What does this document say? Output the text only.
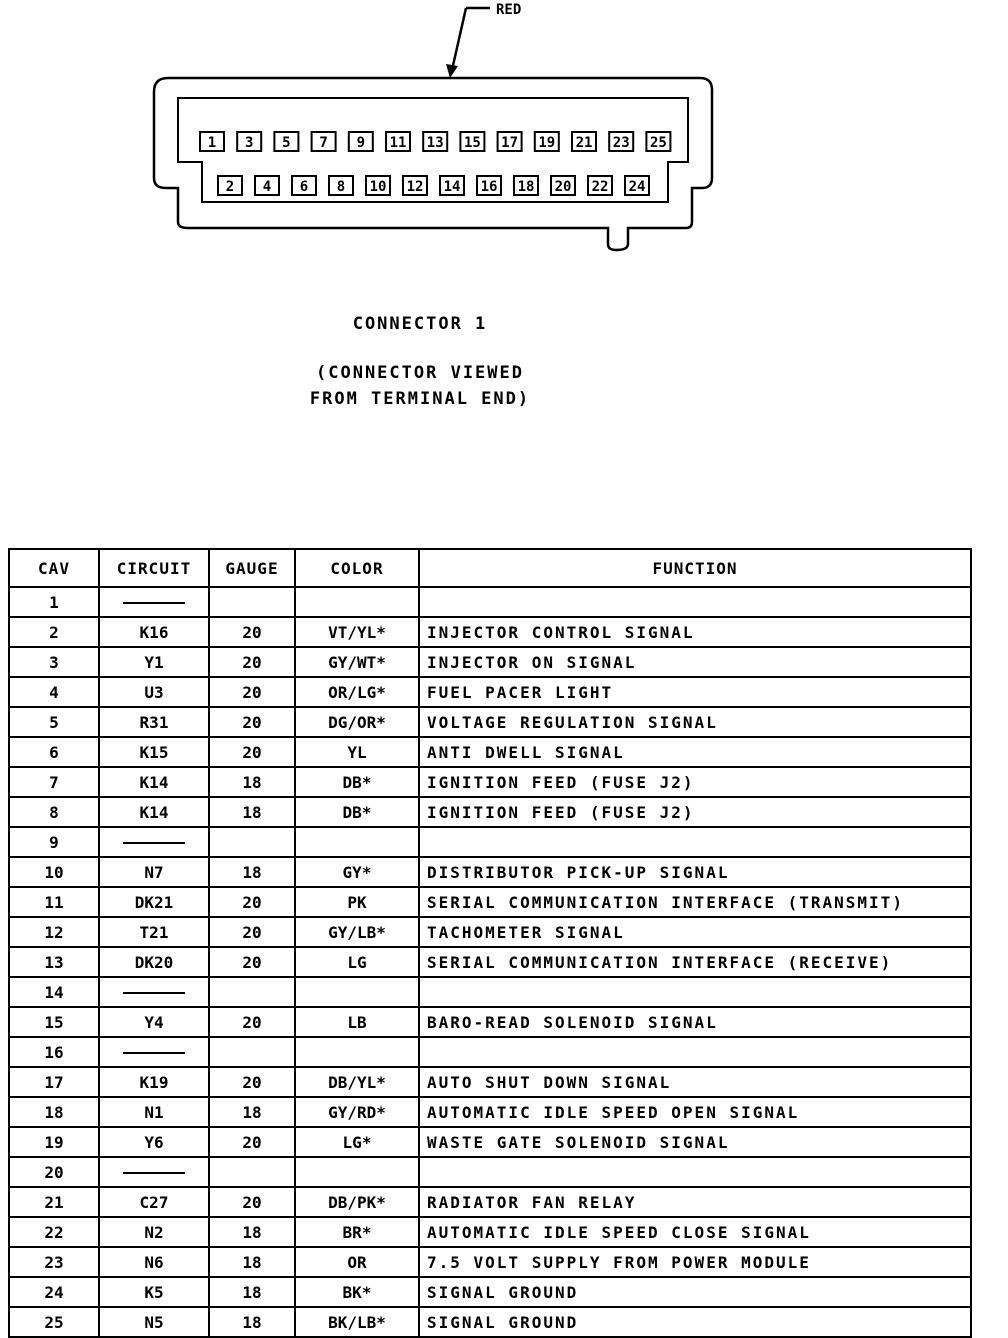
RED
1 3 5 7 9 11 13 15 17 19 21 23 25
2 4 6 8 10 12 14 16 18 20 22 24
CONNECTOR 1
(CONNECTOR VIEWED
FROM TERMINAL END)
CAV	CIRCUIT	GAUGE	COLOR	FUNCTION
1				
2	K16	20	VT/YL*	INJECTOR CONTROL SIGNAL
3	Y1	20	GY/WT*	INJECTOR ON SIGNAL
4	U3	20	OR/LG*	FUEL PACER LIGHT
5	R31	20	DG/OR*	VOLTAGE REGULATION SIGNAL
6	K15	20	YL	ANTI DWELL SIGNAL
7	K14	18	DB*	IGNITION FEED (FUSE J2)
8	K14	18	DB*	IGNITION FEED (FUSE J2)
9				
10	N7	18	GY*	DISTRIBUTOR PICK-UP SIGNAL
11	DK21	20	PK	SERIAL COMMUNICATION INTERFACE (TRANSMIT)
12	T21	20	GY/LB*	TACHOMETER SIGNAL
13	DK20	20	LG	SERIAL COMMUNICATION INTERFACE (RECEIVE)
14				
15	Y4	20	LB	BARO-READ SOLENOID SIGNAL
16				
17	K19	20	DB/YL*	AUTO SHUT DOWN SIGNAL
18	N1	18	GY/RD*	AUTOMATIC IDLE SPEED OPEN SIGNAL
19	Y6	20	LG*	WASTE GATE SOLENOID SIGNAL
20				
21	C27	20	DB/PK*	RADIATOR FAN RELAY
22	N2	18	BR*	AUTOMATIC IDLE SPEED CLOSE SIGNAL
23	N6	18	OR	7.5 VOLT SUPPLY FROM POWER MODULE
24	K5	18	BK*	SIGNAL GROUND
25	N5	18	BK/LB*	SIGNAL GROUND
